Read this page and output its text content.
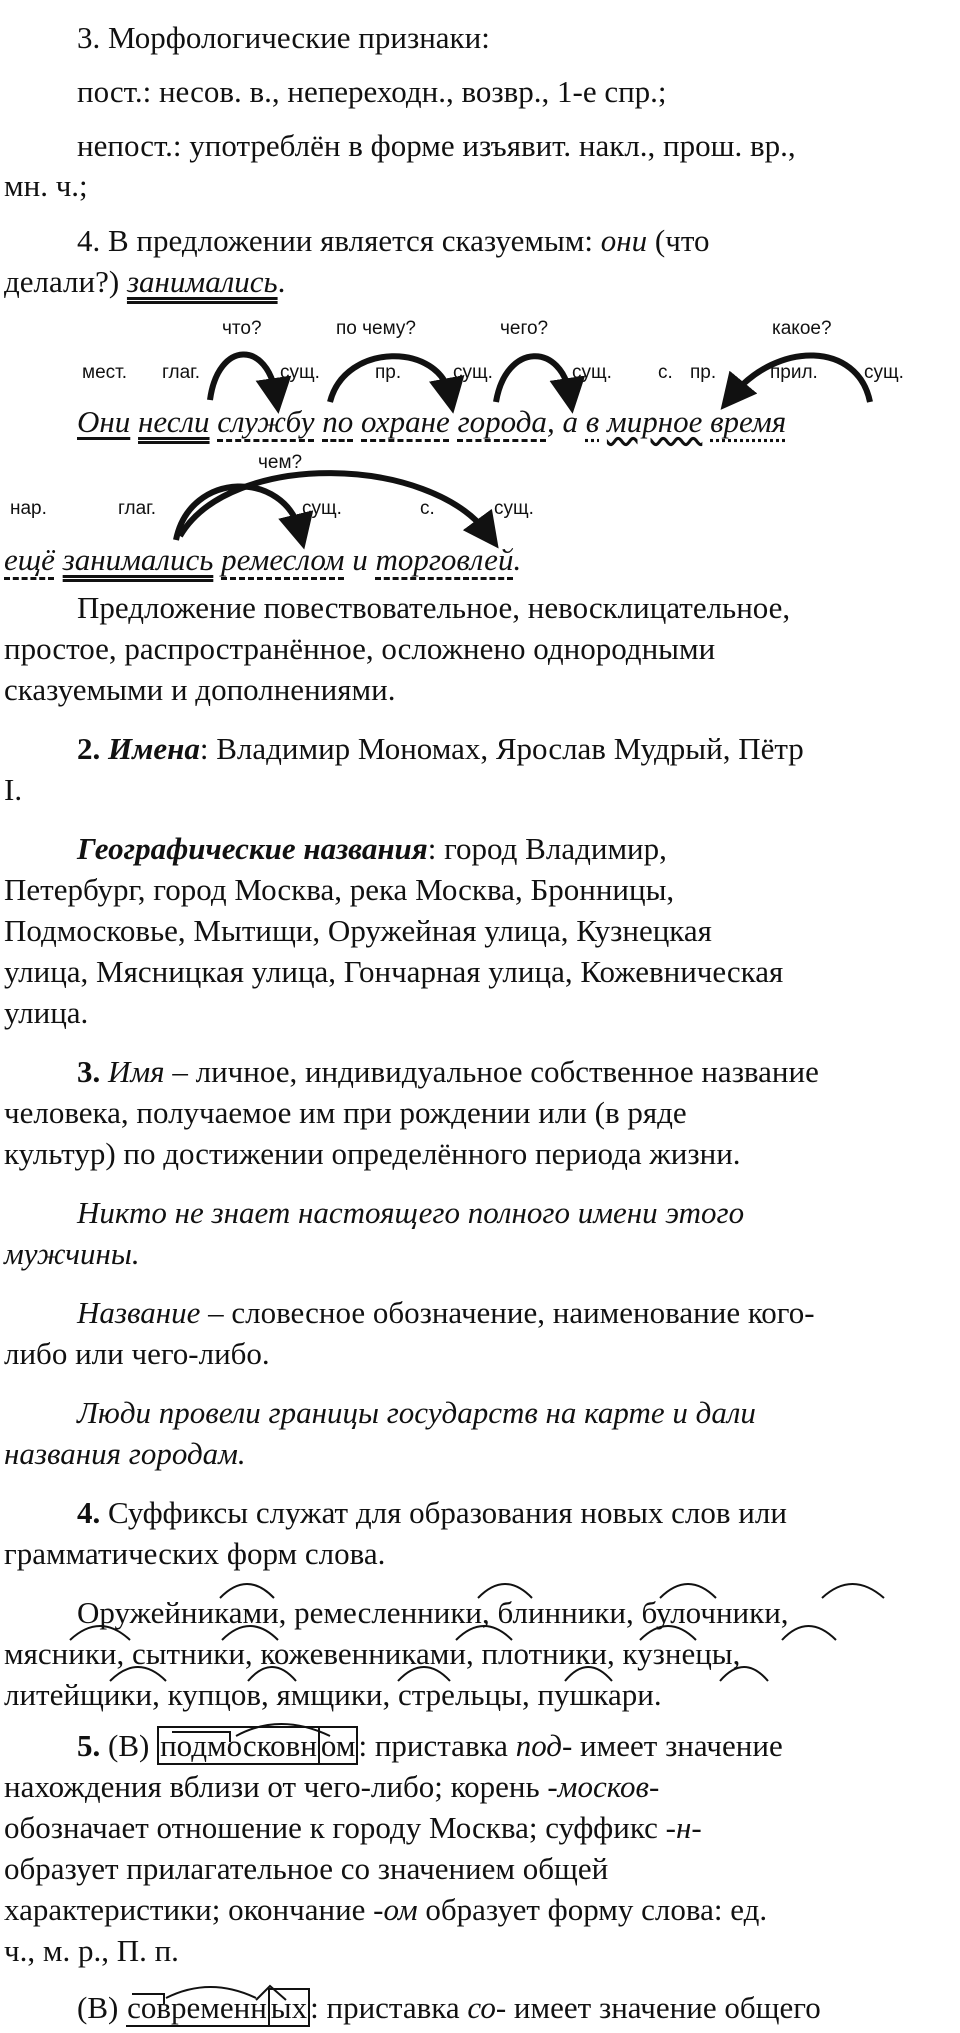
3. Морфологические признаки:
пост.: несов. в., непереходн., возвр., 1-е спр.;
непост.: употреблён в форме изъявит. накл., прош. вр.,
мн. ч.;
4. В предложении является сказуемым: они (что
делали?) занимались.
что?	по чему?	чего?	какое?
мест. глаг.	сущ.	пр.	сущ.	сущ. с. пр.	прил. сущ.
Они несли службу по охране города, а в мирное время
чем?
нар.	глаг.	сущ.	с.	сущ.
ещё занимались ремеслом и торговлей.
Предложение повествовательное, невосклицательное,
простое, распространённое, осложнено однородными
сказуемыми и дополнениями.
2. Имена: Владимир Мономах, Ярослав Мудрый, Пётр
I.
Географические названия: город Владимир,
Петербург, город Москва, река Москва, Бронницы,
Подмосковье, Мытищи, Оружейная улица, Кузнецкая
улица, Мясницкая улица, Гончарная улица, Кожевническая
улица.
3. Имя – личное, индивидуальное собственное название
человека, получаемое им при рождении или (в ряде
культур) по достижении определённого периода жизни.
Никто не знает настоящего полного имени этого
мужчины.
Название – словесное обозначение, наименование кого-
либо или чего-либо.
Люди провели границы государств на карте и дали
названия городам.
4. Суффиксы служат для образования новых слов или
грамматических форм слова.
Оружейниками, ремесленники, блинники, булочники,
мясники, сытники, кожевенниками, плотники, кузнецы,
литейщики, купцов, ямщики, стрельцы, пушкари.
5. (В) подмосковн ом: приставка под- имеет значение
нахождения вблизи от чего-либо; корень -москов-
обозначает отношение к городу Москва; суффикс -н-
образует прилагательное со значением общей
характеристики; окончание -ом образует форму слова: ед.
ч., м. р., П. п.
(В) современн ых: приставка со- имеет значение общего
